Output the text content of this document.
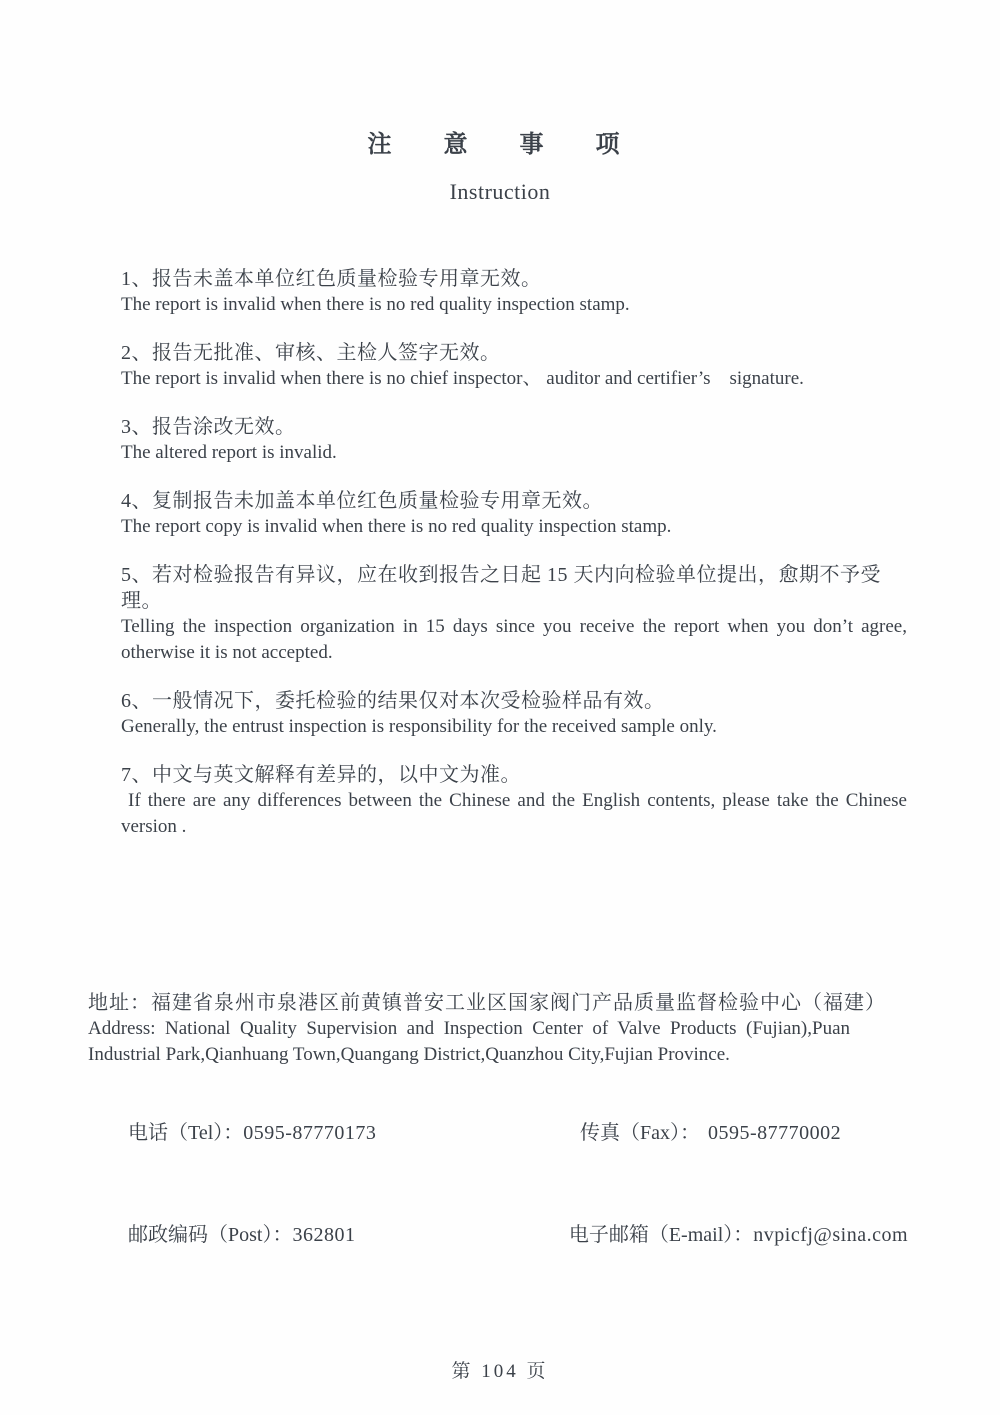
注 意 事 项
Instruction

1、报告未盖本单位红色质量检验专用章无效。

The report is invalid when there is no red quality inspection stamp.

2、报告无批准、审核、主检人签字无效。

The report is invalid when there is no chief inspector、 auditor and certifier’s    signature.

3、报告涂改无效。

The altered report is invalid.

4、复制报告未加盖本单位红色质量检验专用章无效。

The report copy is invalid when there is no red quality inspection stamp.

5、若对检验报告有异议，应在收到报告之日起 15 天内向检验单位提出，愈期不予受理。

Telling the inspection organization in 15 days since you receive the report when you don’t agree, otherwise it is not accepted.

6、一般情况下，委托检验的结果仅对本次受检验样品有效。

Generally, the entrust inspection is responsibility for the received sample only.

7、中文与英文解释有差异的，以中文为准。

If there are any differences between the Chinese and the English contents, please take the Chinese version .

地址：福建省泉州市泉港区前黄镇普安工业区国家阀门产品质量监督检验中心（福建）

Address: National Quality Supervision and Inspection Center of Valve Products (Fujian),Puan Industrial Park,Qianhuang Town,Quangang District,Quanzhou City,Fujian Province.

电话（Tel）：0595-87770173
	传真（Fax）： 0595-87770002

邮政编码（Post）：362801
	电子邮箱（E-mail）：nvpicfj@sina.com

第 104 页
